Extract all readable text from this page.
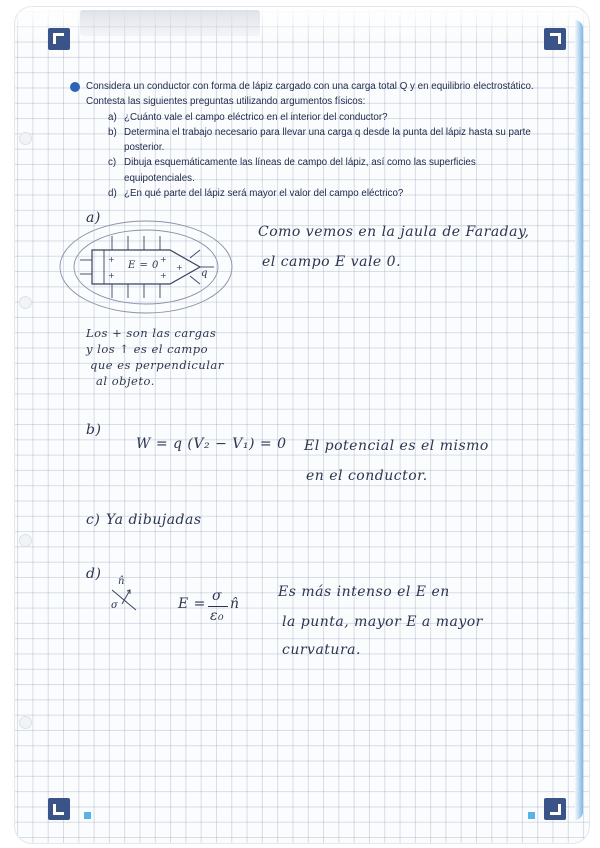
Considera un conductor con forma de lápiz cargado con una carga total Q y en equilibrio electrostático. Contesta las siguientes preguntas utilizando argumentos físicos:

a) ¿Cuánto vale el campo eléctrico en el interior del conductor?
b) Determina el trabajo necesario para llevar una carga q desde la punta del lápiz hasta su parte posterior.
c) Dibuja esquemáticamente las líneas de campo del lápiz, así como las superficies equipotenciales.
d) ¿En qué parte del lápiz será mayor el valor del campo eléctrico?
a)
Como vemos en la jaula de Faraday,
el campo E vale 0.
+
+
+
+
+
E = 0
q
Los + son las cargas
y los ↑ es el campo
que es perpendicular
al objeto.
b)
W = q (V₂ − V₁) = 0 El potencial es el mismo
en el conductor.
c) Ya dibujadas
d) n̂
σ	E = σ
ε₀
n̂
Es más intenso el E en
la punta, mayor E a mayor
curvatura.
